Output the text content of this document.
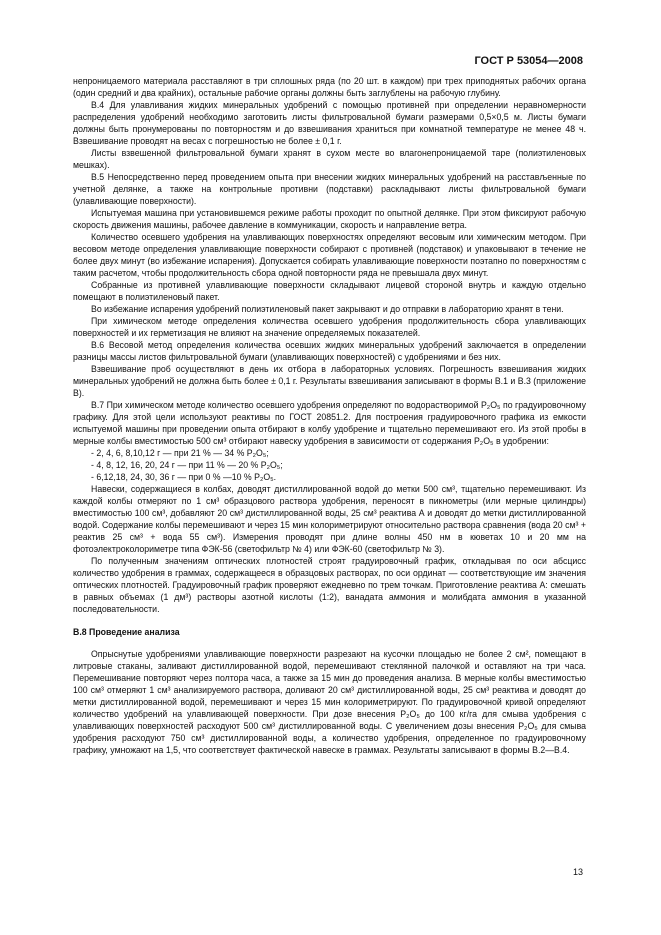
ГОСТ Р 53054—2008

непроницаемого материала расставляют в три сплошных ряда (по 20 шт. в каждом) при трех приподнятых рабочих органа (один средний и два крайних), остальные рабочие органы должны быть заглублены на рабочую глубину.

В.4 Для улавливания жидких минеральных удобрений с помощью противней при определении неравномерности распределения удобрений необходимо заготовить листы фильтровальной бумаги размерами 0,5×0,5 м. Листы бумаги должны быть пронумерованы по повторностям и до взвешивания храниться при комнатной температуре не менее 48 ч. Взвешивание проводят на весах с погрешностью не более ± 0,1 г.

Листы взвешенной фильтровальной бумаги хранят в сухом месте во влагонепроницаемой таре (полиэтиленовых мешках).

В.5 Непосредственно перед проведением опыта при внесении жидких минеральных удобрений на расстављенные по учетной делянке, а также на контрольные противни (подставки) раскладывают листы фильтровальной бумаги (улавливающие поверхности).

Испытуемая машина при установившемся режиме работы проходит по опытной делянке. При этом фиксируют рабочую скорость движения машины, рабочее давление в коммуникации, скорость и направление ветра.

Количество осевшего удобрения на улавливающих поверхностях определяют весовым или химическим методом. При весовом методе определения улавливающие поверхности собирают с противней (подставок) и упаковывают в течение не более двух минут (во избежание испарения). Допускается собирать улавливающие поверхности поэтапно по поверхностям с таким расчетом, чтобы продолжительность сбора одной повторности ряда не превышала двух минут.

Собранные из противней улавливающие поверхности складывают лицевой стороной внутрь и каждую отдельно помещают в полиэтиленовый пакет.

Во избежание испарения удобрений полиэтиленовый пакет закрывают и до отправки в лабораторию хранят в тени.

При химическом методе определения количества осевшего удобрения продолжительность сбора улавливающих поверхностей и их герметизация не влияют на значение определяемых показателей.

В.6 Весовой метод определения количества осевших жидких минеральных удобрений заключается в определении разницы массы листов фильтровальной бумаги (улавливающих поверхностей) с удобрениями и без них.

Взвешивание проб осуществляют в день их отбора в лабораторных условиях. Погрешность взвешивания жидких минеральных удобрений не должна быть более ± 0,1 г. Результаты взвешивания записывают в формы В.1 и В.3 (приложение В).

В.7 При химическом методе количество осевшего удобрения определяют по водорастворимой P₂O₅ по градуировочному графику. Для этой цели используют реактивы по ГОСТ 20851.2. Для построения градуировочного графика из емкости испытуемой машины при проведении опыта отбирают в колбу удобрение и тщательно перемешивают его. Из этой пробы в мерные колбы вместимостью 500 см³ отбирают навеску удобрения в зависимости от содержания P₂O₅ в удобрении:

- 2, 4, 6, 8,10,12 г — при 21 % — 34 % P₂O₅;
- 4, 8, 12, 16, 20, 24 г — при 11 % — 20 % P₂O₅;
- 6,12,18, 24, 30, 36 г — при 0 % —10 % P₂O₅.

Навески, содержащиеся в колбах, доводят дистиллированной водой до метки 500 см³, тщательно перемешивают. Из каждой колбы отмеряют по 1 см³ образцового раствора удобрения, переносят в пикнометры (или мерные цилиндры) вместимостью 100 см³, добавляют 20 см³ дистиллированной воды, 25 см³ реактива А и доводят до метки дистиллированной водой. Содержание колбы перемешивают и через 15 мин колориметрируют относительно раствора сравнения (вода 20 см³ + реактив 25 см³ + вода 55 см³). Измерения проводят при длине волны 450 нм в кюветах 10 и 20 мм на фотоэлектроколориметре типа ФЭК-56 (светофильтр № 4) или ФЭК-60 (светофильтр № 3).

По полученным значениям оптических плотностей строят градуировочный график, откладывая по оси абсцисс количество удобрения в граммах, содержащееся в образцовых растворах, по оси ординат — соответствующие им значения оптических плотностей. Градуировочный график проверяют ежедневно по трем точкам. Приготовление реактива А: смешать в равных объемах (1 дм³) растворы азотной кислоты (1:2), ванадата аммония и молибдата аммония в указанной последовательности.

В.8 Проведение анализа

Опрыснутые удобрениями улавливающие поверхности разрезают на кусочки площадью не более 2 см², помещают в литровые стаканы, заливают дистиллированной водой, перемешивают стеклянной палочкой и оставляют на три часа. Перемешивание повторяют через полтора часа, а также за 15 мин до проведения анализа. В мерные колбы вместимостью 100 см³ отмеряют 1 см³ анализируемого раствора, доливают 20 см³ дистиллированной воды, 25 см³ реактива и доводят до метки дистиллированной водой, перемешивают и через 15 мин колориметрируют. По градуировочной кривой определяют количество удобрений на улавливающей поверхности. При дозе внесения P₂O₅ до 100 кг/га для смыва удобрения с улавливающих поверхностей расходуют 500 см³ дистиллированной воды. С увеличением дозы внесения P₂O₅ для смыва удобрения расходуют 750 см³ дистиллированной воды, а количество удобрения, определенное по градуировочному графику, умножают на 1,5, что соответствует фактической навеске в граммах. Результаты записывают в формы В.2—В.4.

13
